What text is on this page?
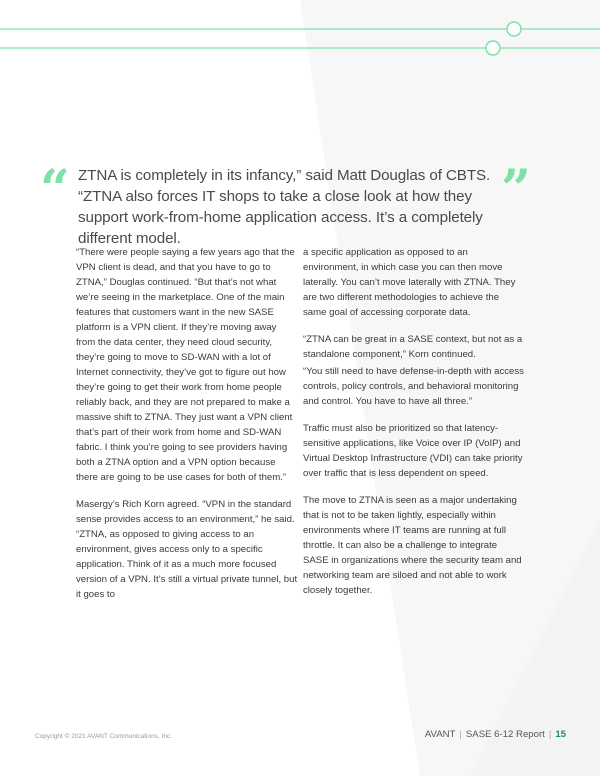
“ ZTNA is completely in its infancy,” said Matt Douglas of CBTS. “ZTNA also forces IT shops to take a close look at how they support work-from-home application access. It’s a completely different model.
”

“There were people saying a few years ago that the VPN client is dead, and that you have to go to ZTNA,” Douglas continued. “But that’s not what we’re seeing in the marketplace. One of the main features that customers want in the new SASE platform is a VPN client. If they’re moving away from the data center, they need cloud security, they’re going to move to SD-WAN with a lot of Internet connectivity, they’ve got to figure out how they’re going to get their work from home people reliably back, and they are not prepared to make a massive shift to ZTNA. They just want a VPN client that’s part of their work from home and SD-WAN fabric. I think you’re going to see providers having both a ZTNA option and a VPN option because there are going to be use cases for both of them.”

Masergy’s Rich Korn agreed. “VPN in the standard sense provides access to an environment,” he said. “ZTNA, as opposed to giving access to an environment, gives access only to a specific application. Think of it as a much more focused version of a VPN. It’s still a virtual private tunnel, but it goes to

a specific application as opposed to an environment, in which case you can then move laterally. You can’t move laterally with ZTNA. They are two different methodologies to achieve the same goal of accessing corporate data.

“ZTNA can be great in a SASE context, but not as a standalone component,” Korn continued.

“You still need to have defense-in-depth with access controls, policy controls, and behavioral monitoring and control. You have to have all three.”

Traffic must also be prioritized so that latency-sensitive applications, like Voice over IP (VoIP) and Virtual Desktop Infrastructure (VDI) can take priority over traffic that is less dependent on speed.

The move to ZTNA is seen as a major undertaking that is not to be taken lightly, especially within environments where IT teams are running at full throttle. It can also be a challenge to integrate SASE in organizations where the security team and networking team are siloed and not able to work closely together.

Copyright © 2021 AVANT Communications, Inc.	AVANT | SASE 6-12 Report | 15
